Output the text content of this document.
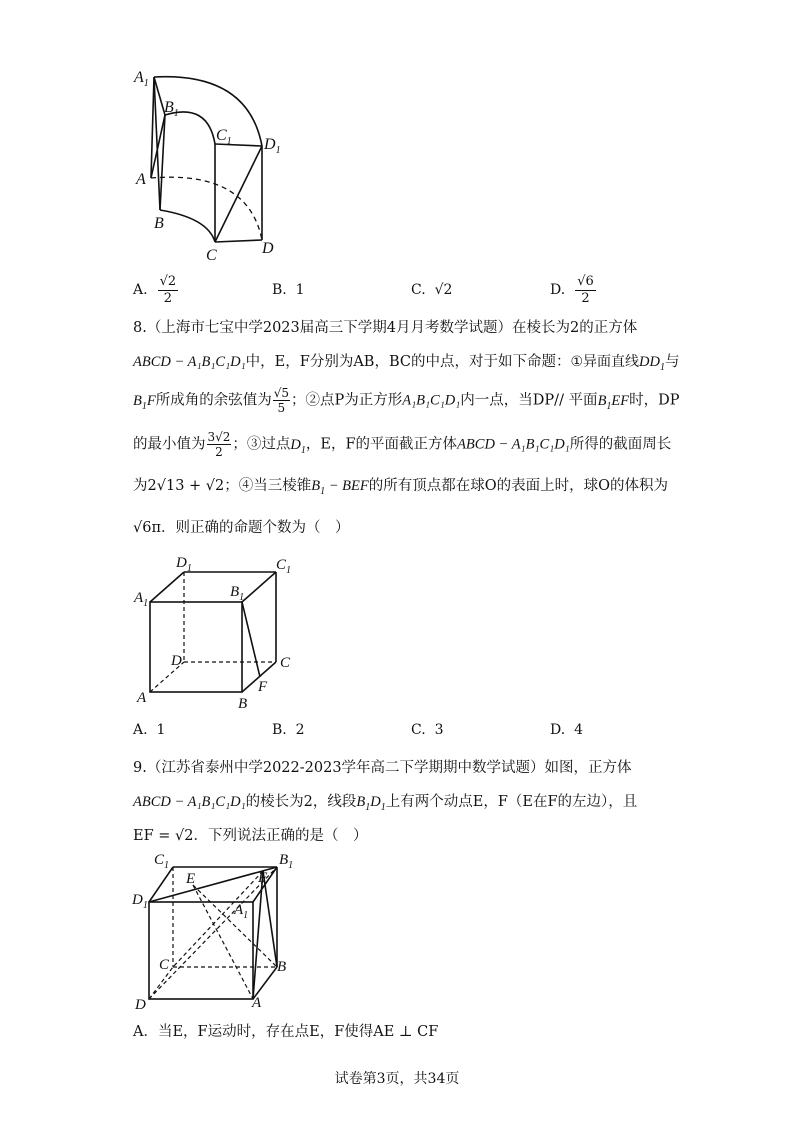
$A_1$
$B_1$
$C_1$ $D_1$
A
B
C	D
A. $\frac{√2}{2}$	B.
1	C.
√2	D. $\frac{√6}{2}$
8.（上海市七宝中学2023届高三下学期4月月考数学试题）在棱长为2的正方体
ABCD − A₁B₁C₁D₁中，E，F分别为AB，BC的中点，对于如下命题：①异面直线$DD_1$与
$B_1F$所成角的余弦值为 $\frac{√5}{5}$ ；②点P为正方形A₁B₁C₁D₁内一点，当DP// 平面$B_1EF$时，DP
的最小值为 $\frac{3√2}{2}$ ；③过点$D_1$，E，F的平面截正方体ABCD − A₁B₁C₁D₁所得的截面周长
为2√13 + √2；④当三棱锥$B_1$ − BEF的所有顶点都在球O的表面上时，球O的体积为
√6π．则正确的命题个数为（　）
$D_1$	$C_1$
$A_1$
$B_1$
D	C
A	B
F
A.
1	B.
2	C.
3	D.
4
9.（江苏省泰州中学2022-2023学年高二下学期期中数学试题）如图，正方体
ABCD − A₁B₁C₁D₁的棱长为2，线段$B_1D_1$上有两个动点E，F（E在F的左边），且
EF = √2．下列说法正确的是（　）
$C_1$	$B_1$
E	F
$D_1$	$A_1$
C	B
D	A
A．当E，F运动时，存在点E，F使得AE ⊥ CF
试卷第3页，共34页
